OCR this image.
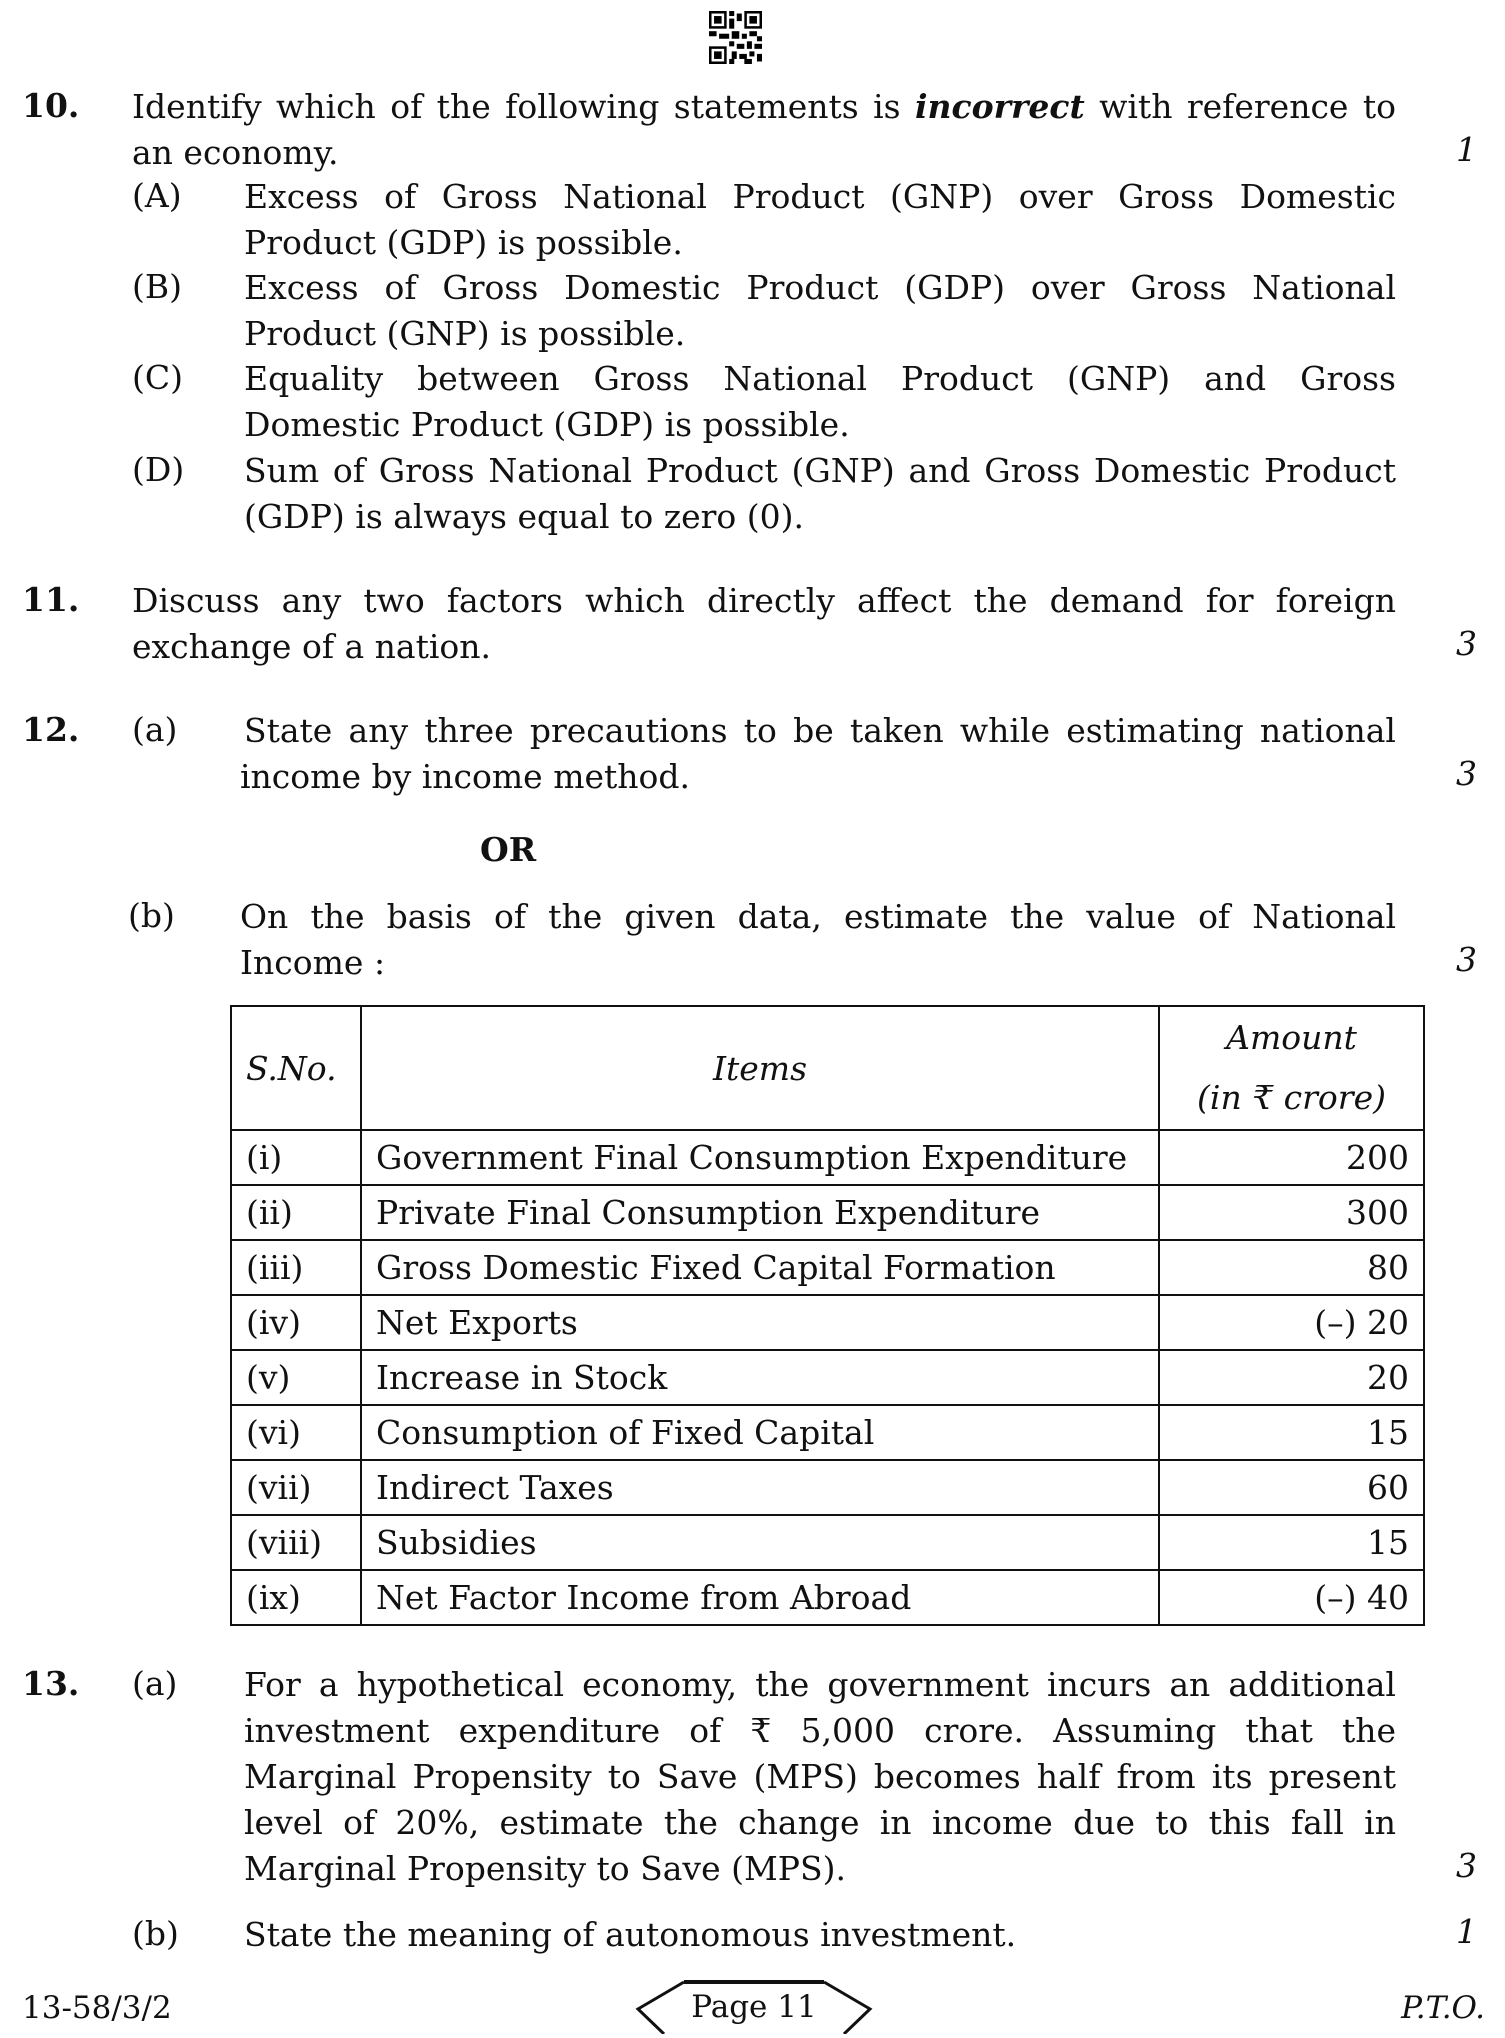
10. Identify which of the following statements is incorrect with reference to
an economy.	1
(A) Excess of Gross National Product (GNP) over Gross Domestic
Product (GDP) is possible.
(B) Excess of Gross Domestic Product (GDP) over Gross National
Product (GNP) is possible.
(C) Equality between Gross National Product (GNP) and Gross
Domestic Product (GDP) is possible.
(D) Sum of Gross National Product (GNP) and Gross Domestic Product
(GDP) is always equal to zero (0).
11. Discuss any two factors which directly affect the demand for foreign
exchange of a nation.	3
12. (a) State any three precautions to be taken while estimating national
income by income method.	3
OR
(b) On the basis of the given data, estimate the value of National
Income :	3
S.No.	Items	Amount
(in ₹ crore)

(i)	Government Final Consumption Expenditure	200
(ii)	Private Final Consumption Expenditure	300
(iii)	Gross Domestic Fixed Capital Formation	80
(iv)	Net Exports	(–) 20
(v)	Increase in Stock	20
(vi)	Consumption of Fixed Capital	15
(vii)	Indirect Taxes	60
(viii)	Subsidies	15
(ix)	Net Factor Income from Abroad	(–) 40
13. (a) For a hypothetical economy, the government incurs an additional
investment expenditure of ₹ 5,000 crore. Assuming that the
Marginal Propensity to Save (MPS) becomes half from its present
level of 20%, estimate the change in income due to this fall in
Marginal Propensity to Save (MPS).	3
(b) State the meaning of autonomous investment.	1
13-58/3/2	Page 11	P.T.O.
